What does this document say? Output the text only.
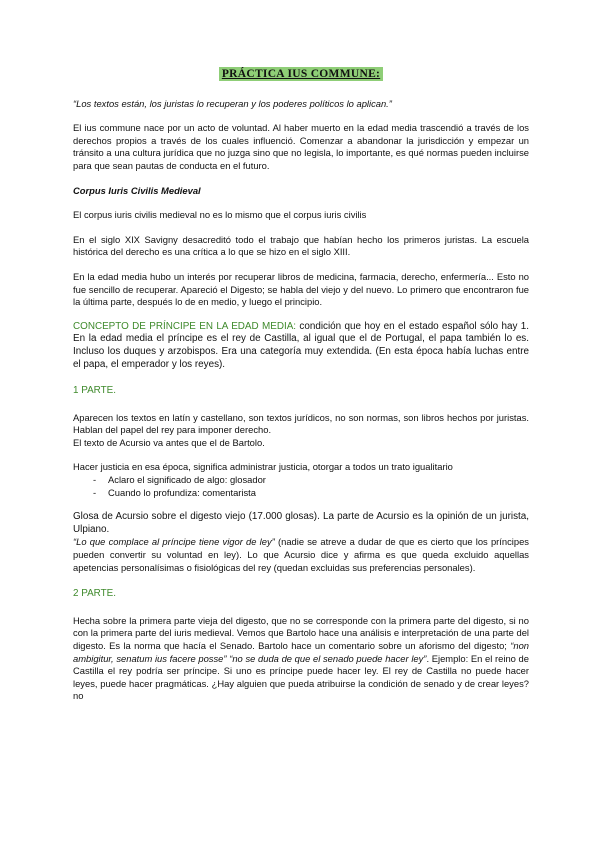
PRÁCTICA IUS COMMUNE:

“Los textos están, los juristas lo recuperan y los poderes políticos lo aplican.”

El ius commune nace por un acto de voluntad. Al haber muerto en la edad media trascendió a través de los derechos propios a través de los cuales influenció. Comenzar a abandonar la jurisdicción y empezar un tránsito a una cultura jurídica que no juzga sino que no legisla, lo importante, es qué normas pueden incluirse para que sean pautas de conducta en el futuro.

Corpus Iuris Civilis Medieval

El corpus iuris civilis medieval no es lo mismo que el corpus iuris civilis

En el siglo XIX Savigny desacreditó todo el trabajo que habían hecho los primeros juristas. La escuela histórica del derecho es una crítica a lo que se hizo en el siglo XIII.

En la edad media hubo un interés por recuperar libros de medicina, farmacia, derecho, enfermería... Esto no fue sencillo de recuperar. Apareció el Digesto; se habla del viejo y del nuevo. Lo primero que encontraron fue la última parte, después lo de en medio, y luego el principio.

CONCEPTO DE PRÍNCIPE EN LA EDAD MEDIA: condición que hoy en el estado español sólo hay 1. En la edad media el príncipe es el rey de Castilla, al igual que el de Portugal, el papa también lo es. Incluso los duques y arzobispos. Era una categoría muy extendida. (En esta época había luchas entre el papa, el emperador y los reyes).

1 PARTE.

Aparecen los textos en latín y castellano, son textos jurídicos, no son normas, son libros hechos por juristas. Hablan del papel del rey para imponer derecho.

El texto de Acursio va antes que el de Bartolo.

Hacer justicia en esa época, significa administrar justicia, otorgar a todos un trato igualitario

- Aclaro el significado de algo: glosador
- Cuando lo profundiza: comentarista

Glosa de Acursio sobre el digesto viejo (17.000 glosas). La parte de Acursio es la opinión de un jurista, Ulpiano.

“Lo que complace al príncipe tiene vigor de ley” (nadie se atreve a dudar de que es cierto que los príncipes pueden convertir su voluntad en ley). Lo que Acursio dice y afirma es que queda excluido aquellas apetencias personalísimas o fisiológicas del rey (quedan excluidas sus preferencias personales).

2 PARTE.

Hecha sobre la primera parte vieja del digesto, que no se corresponde con la primera parte del digesto, si no con la primera parte del iuris medieval. Vemos que Bartolo hace una análisis e interpretación de una parte del digesto. Es la norma que hacía el Senado. Bartolo hace un comentario sobre un aforismo del digesto; “non ambigitur, senatum ius facere posse” “no se duda de que el senado puede hacer ley”. Ejemplo: En el reino de Castilla el rey podría ser príncipe. Si uno es príncipe puede hacer ley. El rey de Castilla no puede hacer leyes, puede hacer pragmáticas. ¿Hay alguien que pueda atribuirse la condición de senado y de crear leyes? no
